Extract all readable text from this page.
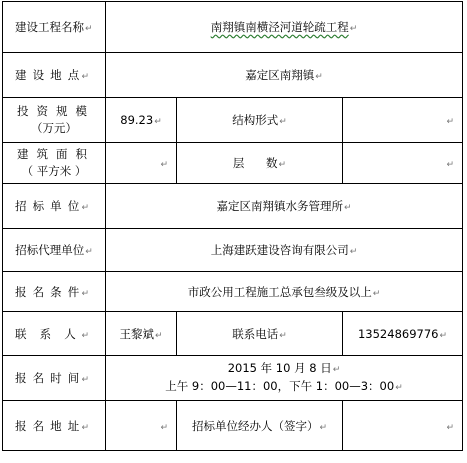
建设工程名称↵	南翔镇南横泾河道轮疏工程↵		
建 设 地 点↵	嘉定区南翔镇↵		

投 资 规 模
（万元）	89.23↵	结构形式↵	↵

建 筑 面 积
（ 平方米 ）	↵	层 数↵	↵
招 标 单 位↵	嘉定区南翔镇水务管理所↵		
招标代理单位↵	上海建跃建设咨询有限公司↵		
报 名 条 件↵	市政公用工程施工总承包叁级及以上↵		
联 系 人↵	王黎斌↵	联系电话↵	13524869776↵
报 名 时 间↵	2015 年 10 月 8 日↵
上午 9：00—11：00，下午 1：00—3：00↵		

报 名 地 址↵	↵	招标单位经办人（签字）↵	↵
